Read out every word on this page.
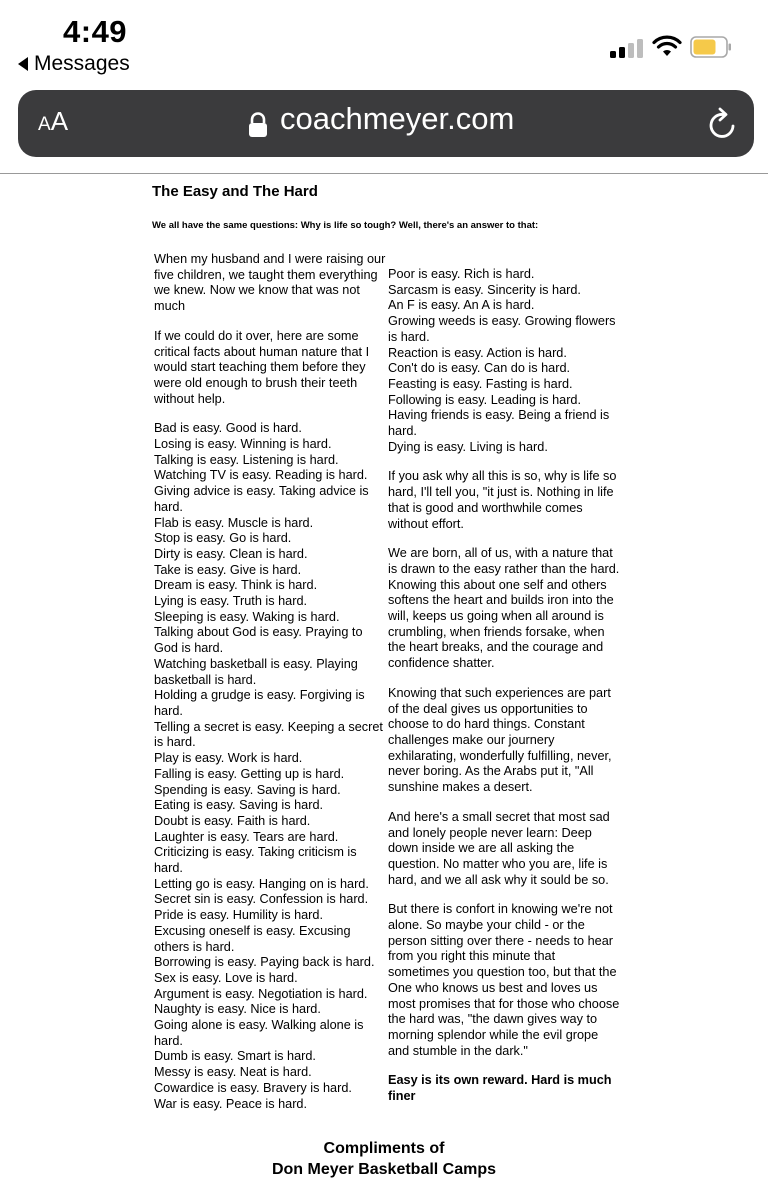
4:49
Messages
AA	coachmeyer.com
The Easy and The Hard
We all have the same questions: Why is life so tough? Well, there's an answer to that:

When my husband and I were raising our
five children, we taught them everything
we knew. Now we know that was not
much

If we could do it over, here are some
critical facts about human nature that I
would start teaching them before they
were old enough to brush their teeth
without help.

Bad is easy. Good is hard.
Losing is easy. Winning is hard.
Talking is easy. Listening is hard.
Watching TV is easy. Reading is hard.
Giving advice is easy. Taking advice is
hard.
Flab is easy. Muscle is hard.
Stop is easy. Go is hard.
Dirty is easy. Clean is hard.
Take is easy. Give is hard.
Dream is easy. Think is hard.
Lying is easy. Truth is hard.
Sleeping is easy. Waking is hard.
Talking about God is easy. Praying to
God is hard.
Watching basketball is easy. Playing
basketball is hard.
Holding a grudge is easy. Forgiving is
hard.
Telling a secret is easy. Keeping a secret
is hard.
Play is easy. Work is hard.
Falling is easy. Getting up is hard.
Spending is easy. Saving is hard.
Eating is easy. Saving is hard.
Doubt is easy. Faith is hard.
Laughter is easy. Tears are hard.
Criticizing is easy. Taking criticism is
hard.
Letting go is easy. Hanging on is hard.
Secret sin is easy. Confession is hard.
Pride is easy. Humility is hard.
Excusing oneself is easy. Excusing
others is hard.
Borrowing is easy. Paying back is hard.
Sex is easy. Love is hard.
Argument is easy. Negotiation is hard.
Naughty is easy. Nice is hard.
Going alone is easy. Walking alone is
hard.
Dumb is easy. Smart is hard.
Messy is easy. Neat is hard.
Cowardice is easy. Bravery is hard.
War is easy. Peace is hard.
Poor is easy. Rich is hard.
Sarcasm is easy. Sincerity is hard.
An F is easy. An A is hard.
Growing weeds is easy. Growing flowers
is hard.
Reaction is easy. Action is hard.
Con't do is easy. Can do is hard.
Feasting is easy. Fasting is hard.
Following is easy. Leading is hard.
Having friends is easy. Being a friend is
hard.
Dying is easy. Living is hard.

If you ask why all this is so, why is life so
hard, I'll tell you, "it just is. Nothing in life
that is good and worthwhile comes
without effort.

We are born, all of us, with a nature that
is drawn to the easy rather than the hard.
Knowing this about one self and others
softens the heart and builds iron into the
will, keeps us going when all around is
crumbling, when friends forsake, when
the heart breaks, and the courage and
confidence shatter.

Knowing that such experiences are part
of the deal gives us opportunities to
choose to do hard things. Constant
challenges make our journery
exhilarating, wonderfully fulfilling, never,
never boring. As the Arabs put it, "All
sunshine makes a desert.

And here's a small secret that most sad
and lonely people never learn: Deep
down inside we are all asking the
question. No matter who you are, life is
hard, and we all ask why it sould be so.

But there is confort in knowing we're not
alone. So maybe your child - or the
person sitting over there - needs to hear
from you right this minute that
sometimes you question too, but that the
One who knows us best and loves us
most promises that for those who choose
the hard was, "the dawn gives way to
morning splendor while the evil grope
and stumble in the dark."

Easy is its own reward. Hard is much
finer

Compliments of
Don Meyer Basketball Camps
